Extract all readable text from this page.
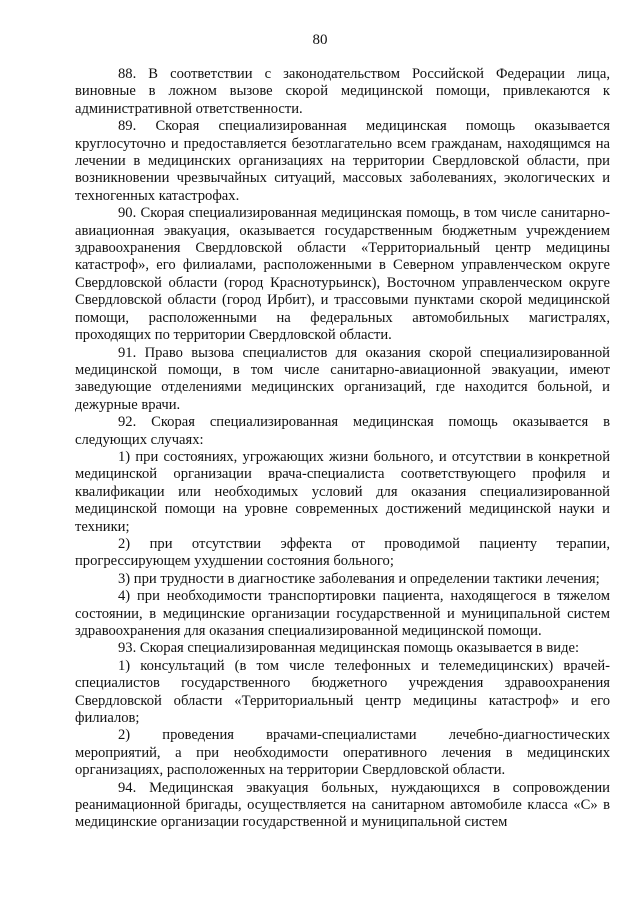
80

88. В соответствии с законодательством Российской Федерации лица, виновные в ложном вызове скорой медицинской помощи, привлекаются к административной ответственности.

89. Скорая специализированная медицинская помощь оказывается круглосуточно и предоставляется безотлагательно всем гражданам, находящимся на лечении в медицинских организациях на территории Свердловской области, при возникновении чрезвычайных ситуаций, массовых заболеваниях, экологических и техногенных катастрофах.

90. Скорая специализированная медицинская помощь, в том числе санитарно-авиационная эвакуация, оказывается государственным бюджетным учреждением здравоохранения Свердловской области «Территориальный центр медицины катастроф», его филиалами, расположенными в Северном управленческом округе Свердловской области (город Краснотурьинск), Восточном управленческом округе Свердловской области (город Ирбит), и трассовыми пунктами скорой медицинской помощи, расположенными на федеральных автомобильных магистралях, проходящих по территории Свердловской области.

91. Право вызова специалистов для оказания скорой специализированной медицинской помощи, в том числе санитарно-авиационной эвакуации, имеют заведующие отделениями медицинских организаций, где находится больной, и дежурные врачи.

92. Скорая специализированная медицинская помощь оказывается в следующих случаях:

1) при состояниях, угрожающих жизни больного, и отсутствии в конкретной медицинской организации врача-специалиста соответствующего профиля и квалификации или необходимых условий для оказания специализированной медицинской помощи на уровне современных достижений медицинской науки и техники;

2) при отсутствии эффекта от проводимой пациенту терапии, прогрессирующем ухудшении состояния больного;

3) при трудности в диагностике заболевания и определении тактики лечения;

4) при необходимости транспортировки пациента, находящегося в тяжелом состоянии, в медицинские организации государственной и муниципальной систем здравоохранения для оказания специализированной медицинской помощи.

93. Скорая специализированная медицинская помощь оказывается в виде:

1) консультаций (в том числе телефонных и телемедицинских) врачей-специалистов государственного бюджетного учреждения здравоохранения Свердловской области «Территориальный центр медицины катастроф» и его филиалов;

2) проведения врачами-специалистами лечебно-диагностических мероприятий, а при необходимости оперативного лечения в медицинских организациях, расположенных на территории Свердловской области.

94. Медицинская эвакуация больных, нуждающихся в сопровождении реанимационной бригады, осуществляется на санитарном автомобиле класса «С» в медицинские организации государственной и муниципальной систем
